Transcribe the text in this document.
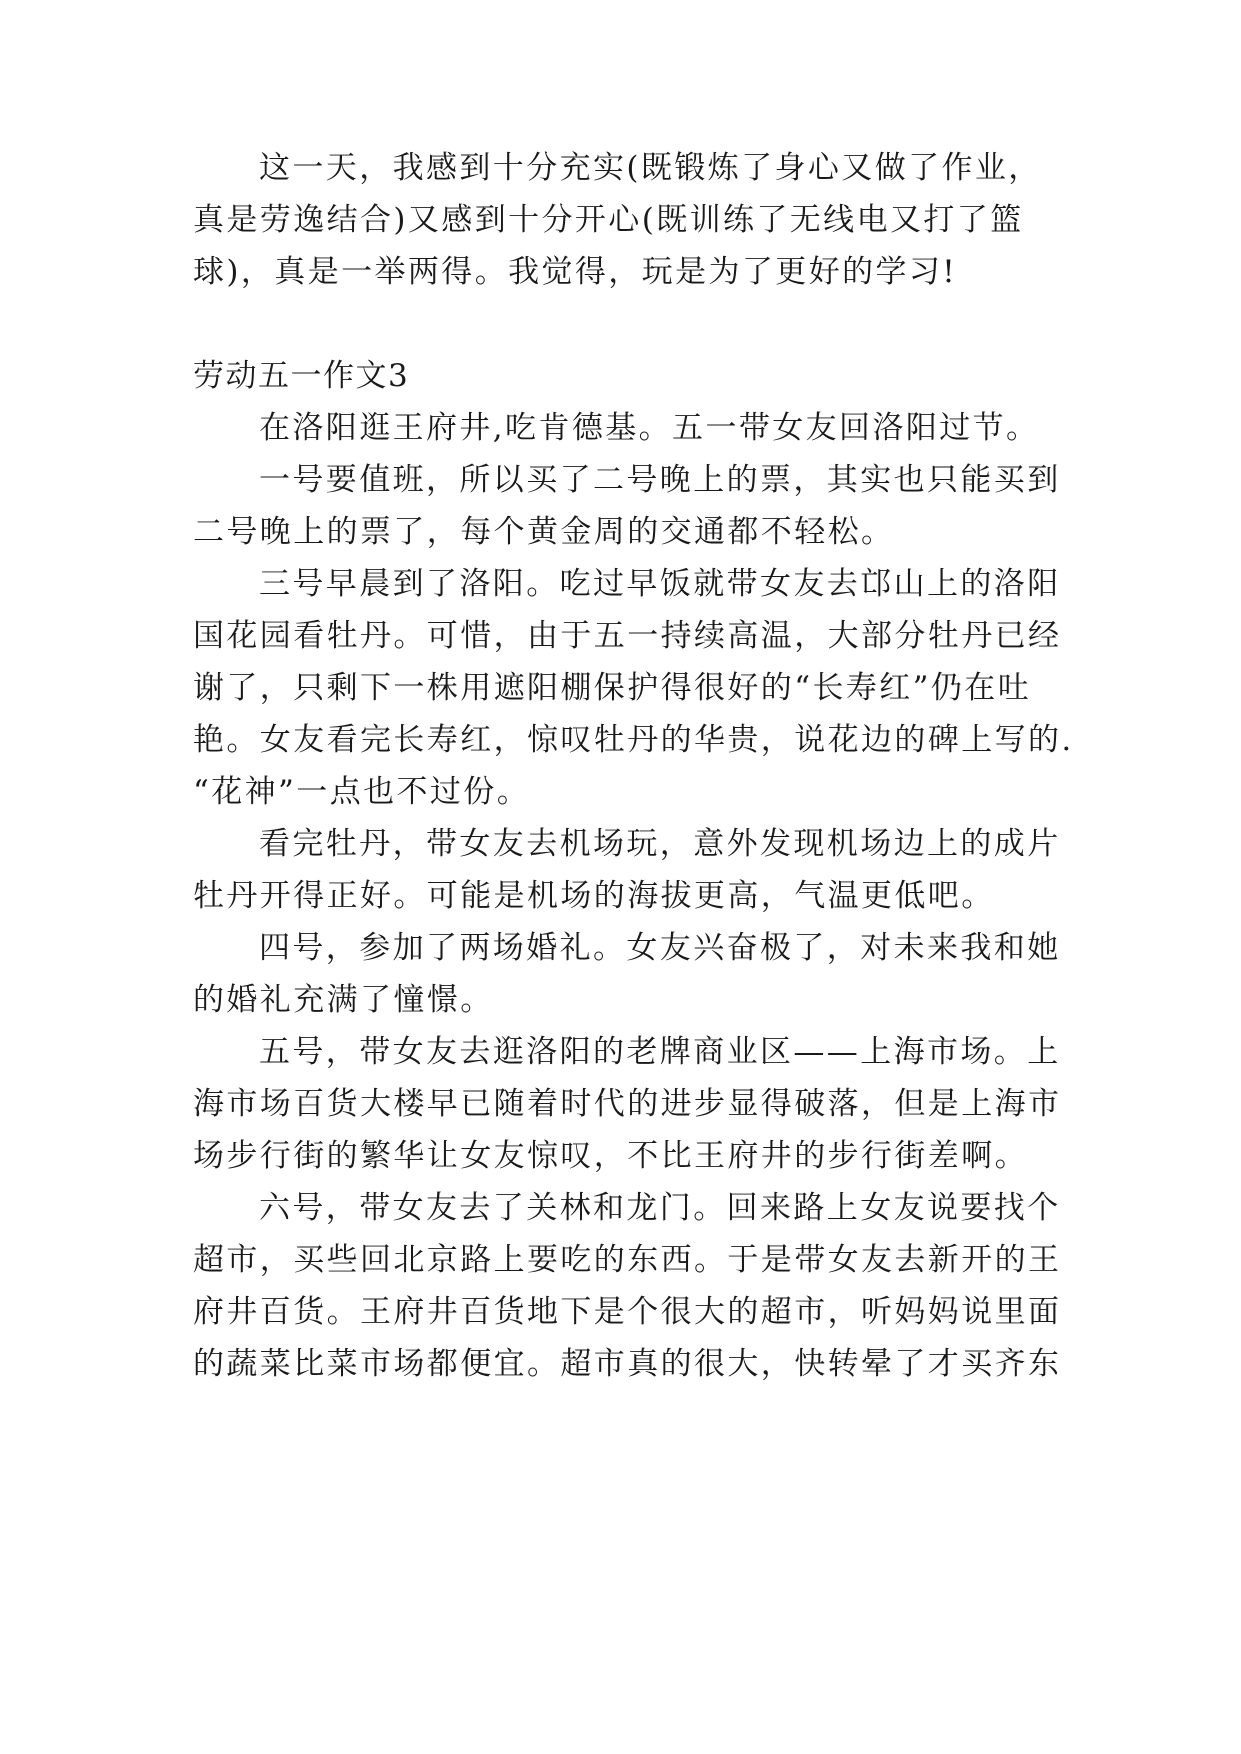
这一天，我感到十分充实(既锻炼了身心又做了作业，
真是劳逸结合)又感到十分开心(既训练了无线电又打了篮
球)，真是一举两得。我觉得，玩是为了更好的学习!
劳动五一作文3
在洛阳逛王府井,吃肯德基。五一带女友回洛阳过节。
一号要值班，所以买了二号晚上的票，其实也只能买到
二号晚上的票了，每个黄金周的交通都不轻松。
三号早晨到了洛阳。吃过早饭就带女友去邙山上的洛阳
国花园看牡丹。可惜，由于五一持续高温，大部分牡丹已经
谢了，只剩下一株用遮阳棚保护得很好的“长寿红”仍在吐
艳。女友看完长寿红，惊叹牡丹的华贵，说花边的碑上写的.
“花神”一点也不过份。
看完牡丹，带女友去机场玩，意外发现机场边上的成片
牡丹开得正好。可能是机场的海拔更高，气温更低吧。
四号，参加了两场婚礼。女友兴奋极了，对未来我和她
的婚礼充满了憧憬。
五号，带女友去逛洛阳的老牌商业区——上海市场。上
海市场百货大楼早已随着时代的进步显得破落，但是上海市
场步行街的繁华让女友惊叹，不比王府井的步行街差啊。
六号，带女友去了关林和龙门。回来路上女友说要找个
超市，买些回北京路上要吃的东西。于是带女友去新开的王
府井百货。王府井百货地下是个很大的超市，听妈妈说里面
的蔬菜比菜市场都便宜。超市真的很大，快转晕了才买齐东
